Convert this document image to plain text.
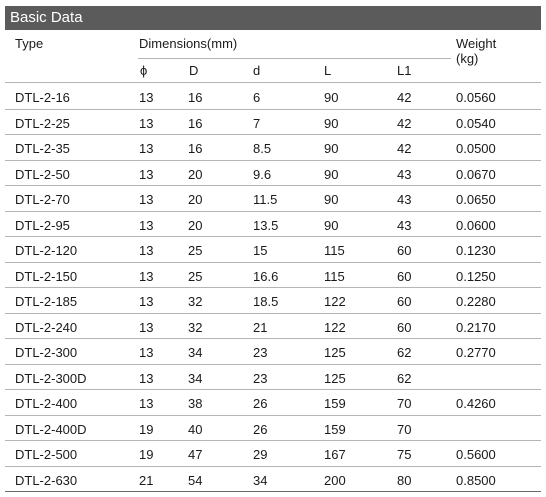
Basic Data
Type	Dimensions(mm)	Weight
(kg)
ϕ	D	d	L	L1
DTL-2-16	13	16	6	90	42	0.0560
DTL-2-25	13	16	7	90	42	0.0540
DTL-2-35	13	16	8.5	90	42	0.0500
DTL-2-50	13	20	9.6	90	43	0.0670
DTL-2-70	13	20	11.5	90	43	0.0650
DTL-2-95	13	20	13.5	90	43	0.0600
DTL-2-120	13	25	15	115	60	0.1230
DTL-2-150	13	25	16.6	115	60	0.1250
DTL-2-185	13	32	18.5	122	60	0.2280
DTL-2-240	13	32	21	122	60	0.2170
DTL-2-300	13	34	23	125	62	0.2770
DTL-2-300D	13	34	23	125	62
DTL-2-400	13	38	26	159	70	0.4260
DTL-2-400D	19	40	26	159	70
DTL-2-500	19	47	29	167	75	0.5600
DTL-2-630	21	54	34	200	80	0.8500
